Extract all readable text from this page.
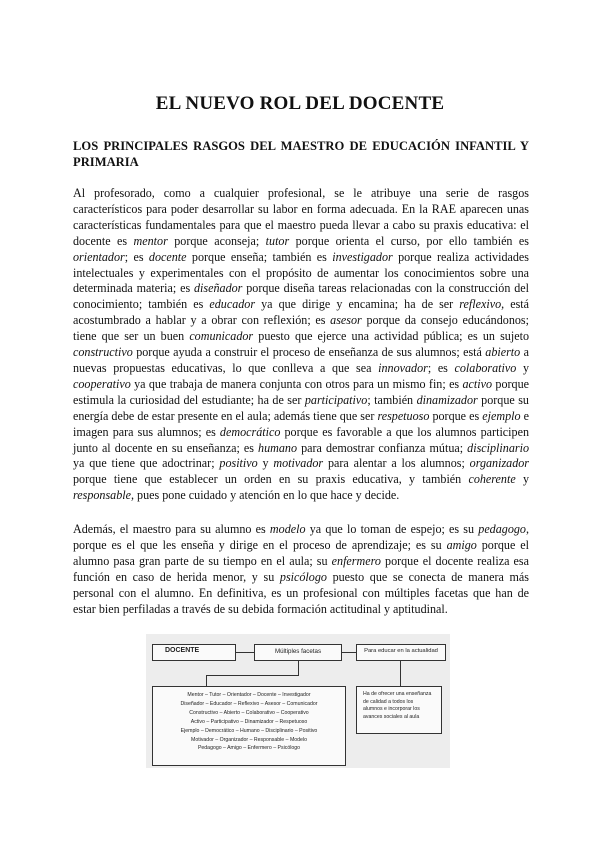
EL NUEVO ROL DEL DOCENTE
LOS PRINCIPALES RASGOS DEL MAESTRO DE EDUCACIÓN INFANTIL Y PRIMARIA
Al profesorado, como a cualquier profesional, se le atribuye una serie de rasgos característicos para poder desarrollar su labor en forma adecuada. En la RAE aparecen unas características fundamentales para que el maestro pueda llevar a cabo su praxis educativa: el docente es mentor porque aconseja; tutor porque orienta el curso, por ello también es orientador; es docente porque enseña; también es investigador porque realiza actividades intelectuales y experimentales con el propósito de aumentar los conocimientos sobre una determinada materia; es diseñador porque diseña tareas relacionadas con la construcción del conocimiento; también es educador ya que dirige y encamina; ha de ser reflexivo, está acostumbrado a hablar y a obrar con reflexión; es asesor porque da consejo educándonos; tiene que ser un buen comunicador puesto que ejerce una actividad pública; es un sujeto constructivo porque ayuda a construir el proceso de enseñanza de sus alumnos; está abierto a nuevas propuestas educativas, lo que conlleva a que sea innovador; es colaborativo y cooperativo ya que trabaja de manera conjunta con otros para un mismo fin; es activo porque estimula la curiosidad del estudiante; ha de ser participativo; también dinamizador porque su energía debe de estar presente en el aula; además tiene que ser respetuoso porque es ejemplo e imagen para sus alumnos; es democrático porque es favorable a que los alumnos participen junto al docente en su enseñanza; es humano para demostrar confianza mútua; disciplinario ya que tiene que adoctrinar; positivo y motivador para alentar a los alumnos; organizador porque tiene que establecer un orden en su praxis educativa, y también coherente y responsable, pues pone cuidado y atención en lo que hace y decide.
Además, el maestro para su alumno es modelo ya que lo toman de espejo; es su pedagogo, porque es el que les enseña y dirige en el proceso de aprendizaje; es su amigo porque el alumno pasa gran parte de su tiempo en el aula; su enfermero porque el docente realiza esa función en caso de herida menor, y su psicólogo puesto que se conecta de manera más personal con el alumno. En definitiva, es un profesional con múltiples facetas que han de estar bien perfiladas a través de su debida formación actitudinal y aptitudinal.
DOCENTE	Múltiples facetas	Para educar en la actualidad
Mentor – Tutor – Orientador – Docente – Investigador
Diseñador – Educador – Reflexivo – Asesor – Comunicador
Constructivo – Abierto – Colaborativo – Cooperativo
Activo – Participativo – Dinamizador – Respetuoso
Ejemplo – Democrático – Humano – Disciplinario – Positivo
Motivador – Organizador – Responsable – Modelo
Pedagogo – Amigo – Enfermero – Psicólogo
Ha de ofrecer una enseñanza
de calidad a todos los
alumnos e incorporar los
avances sociales al aula
